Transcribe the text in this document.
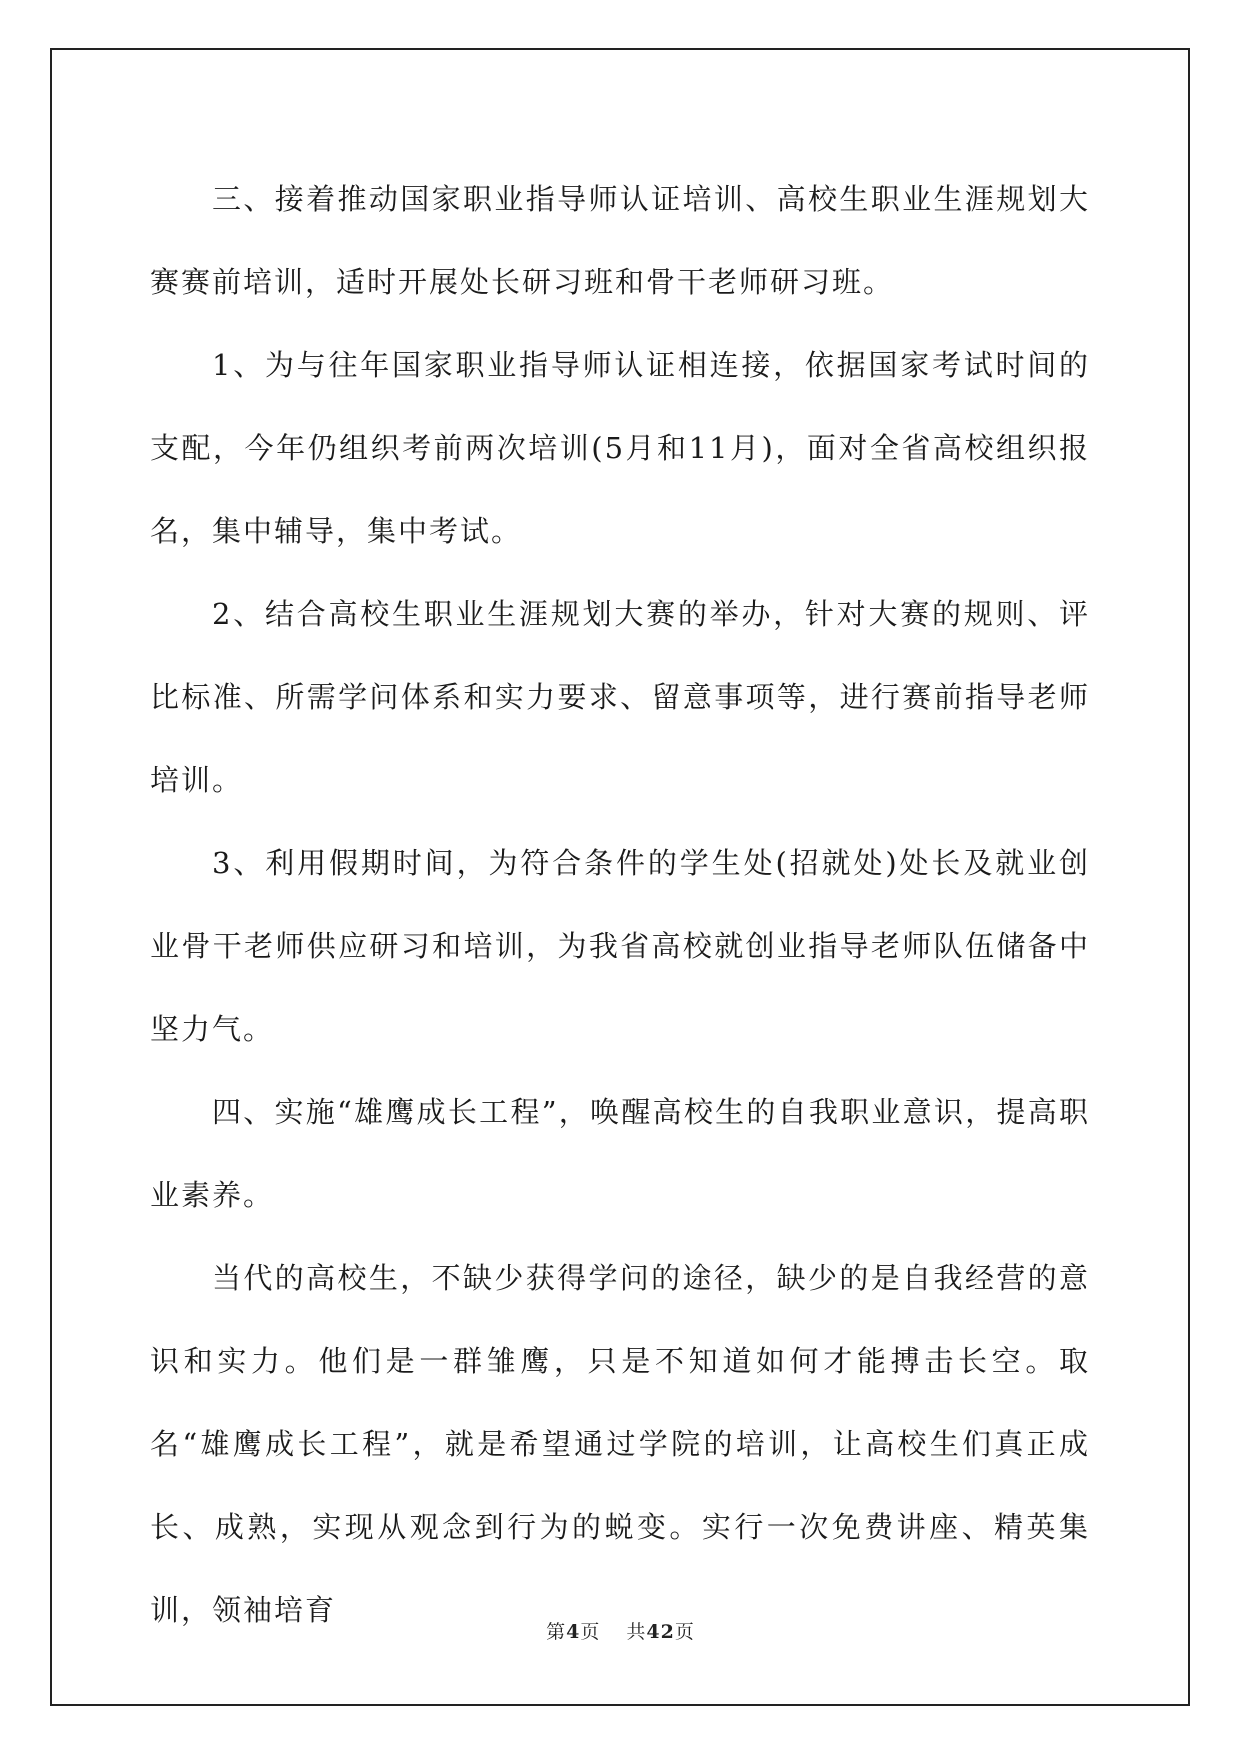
三、接着推动国家职业指导师认证培训、高校生职业生涯规划大赛赛前培训，适时开展处长研习班和骨干老师研习班。

1、为与往年国家职业指导师认证相连接，依据国家考试时间的支配，今年仍组织考前两次培训(5月和11月)，面对全省高校组织报名，集中辅导，集中考试。

2、结合高校生职业生涯规划大赛的举办，针对大赛的规则、评比标准、所需学问体系和实力要求、留意事项等，进行赛前指导老师培训。

3、利用假期时间，为符合条件的学生处(招就处)处长及就业创业骨干老师供应研习和培训，为我省高校就创业指导老师队伍储备中坚力气。

四、实施“雄鹰成长工程”，唤醒高校生的自我职业意识，提高职业素养。

当代的高校生，不缺少获得学问的途径，缺少的是自我经营的意识和实力。他们是一群雏鹰，只是不知道如何才能搏击长空。取名“雄鹰成长工程”，就是希望通过学院的培训，让高校生们真正成长、成熟，实现从观念到行为的蜕变。实行一次免费讲座、精英集训，领袖培育

第4页 共42页
